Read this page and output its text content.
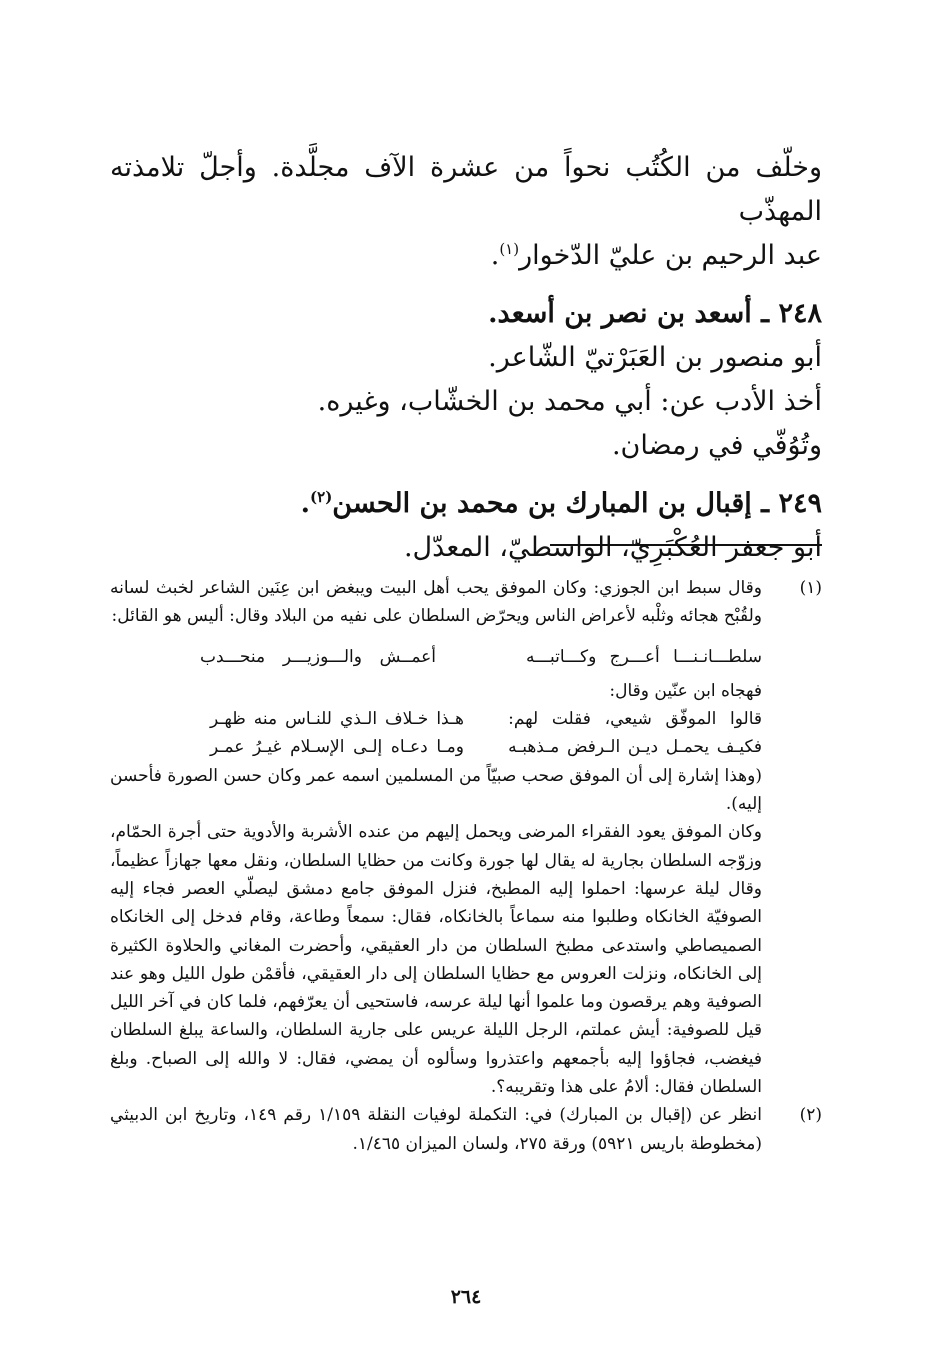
وخلّف من الكُتُب نحواً من عشرة الآف مجلَّدة. وأجلّ تلامذته المهذّب

عبد الرحيم بن عليّ الدّخوار$^{(١)}$.

٢٤٨ ـ أسعد بن نصر بن أسعد.

أبو منصور بن العَبَرْتيّ الشّاعر.

أخذ الأدب عن: أبي محمد بن الخشّاب، وغيره.

وتُوُفّي في رمضان.

٢٤٩ ـ إقبال بن المبارك بن محمد بن الحسن$^{(٢)}$.

أبو جعفر العُكْبَرِيّ، الواسطيّ، المعدّل.

(١)

وقال سبط ابن الجوزي: وكان الموفق يحب أهل البيت ويبغض ابن عِنَين الشاعر لخبث لسانه ولقُبْح هجائه وثلْبه لأعراض الناس ويحرّض السلطان على نفيه من البلاد وقال: أليس هو القائل:

سلطـــانـنـــا أعـــرج وكـــاتبـــه
أعمــش والـــوزيـــر منحـــدب

فهجاه ابن عنّين وقال:

قالوا الموفّق شيعي، فقلت لهم:
هـذا خـلاف الـذي للنـاس منه ظهـر
فكيـف يحمـل ديـن الـرفض مـذهبـه
ومـا دعـاه إلـى الإسـلام غيـرُ عمـر

(وهذا إشارة إلى أن الموفق صحب صبيّاً من المسلمين اسمه عمر وكان حسن الصورة فأحسن إليه).

وكان الموفق يعود الفقراء المرضى ويحمل إليهم من عنده الأشربة والأدوية حتى أجرة الحمّام، وزوّجه السلطان بجارية له يقال لها جورة وكانت من حظايا السلطان، ونقل معها جهازاً عظيماً، وقال ليلة عرسها: احملوا إليه المطبخ، فنزل الموفق جامع دمشق ليصلّي العصر فجاء إليه الصوفيّة الخانكاه وطلبوا منه سماعاً بالخانكاه، فقال: سمعاً وطاعة، وقام فدخل إلى الخانكاه الصميصاطي واستدعى مطبخ السلطان من دار العقيقي، وأحضرت المغاني والحلاوة الكثيرة إلى الخانكاه، ونزلت العروس مع حظايا السلطان إلى دار العقيقي، فأقمْن طول الليل وهو عند الصوفية وهم يرقصون وما علموا أنها ليلة عرسه، فاستحيى أن يعرّفهم، فلما كان في آخر الليل قيل للصوفية: أيش عملتم، الرجل الليلة عريس على جارية السلطان، والساعة يبلغ السلطان فيغضب، فجاؤوا إليه بأجمعهم واعتذروا وسألوه أن يمضي، فقال: لا والله إلى الصباح. وبلغ السلطان فقال: ألامُ على هذا وتقريبه؟.

(٢)

انظر عن (إقبال بن المبارك) في: التكملة لوفيات النقلة ١/١٥٩ رقم ١٤٩، وتاريخ ابن الدبيثي (مخطوطة باريس ٥٩٢١) ورقة ٢٧٥، ولسان الميزان ١/٤٦٥.

٢٦٤
